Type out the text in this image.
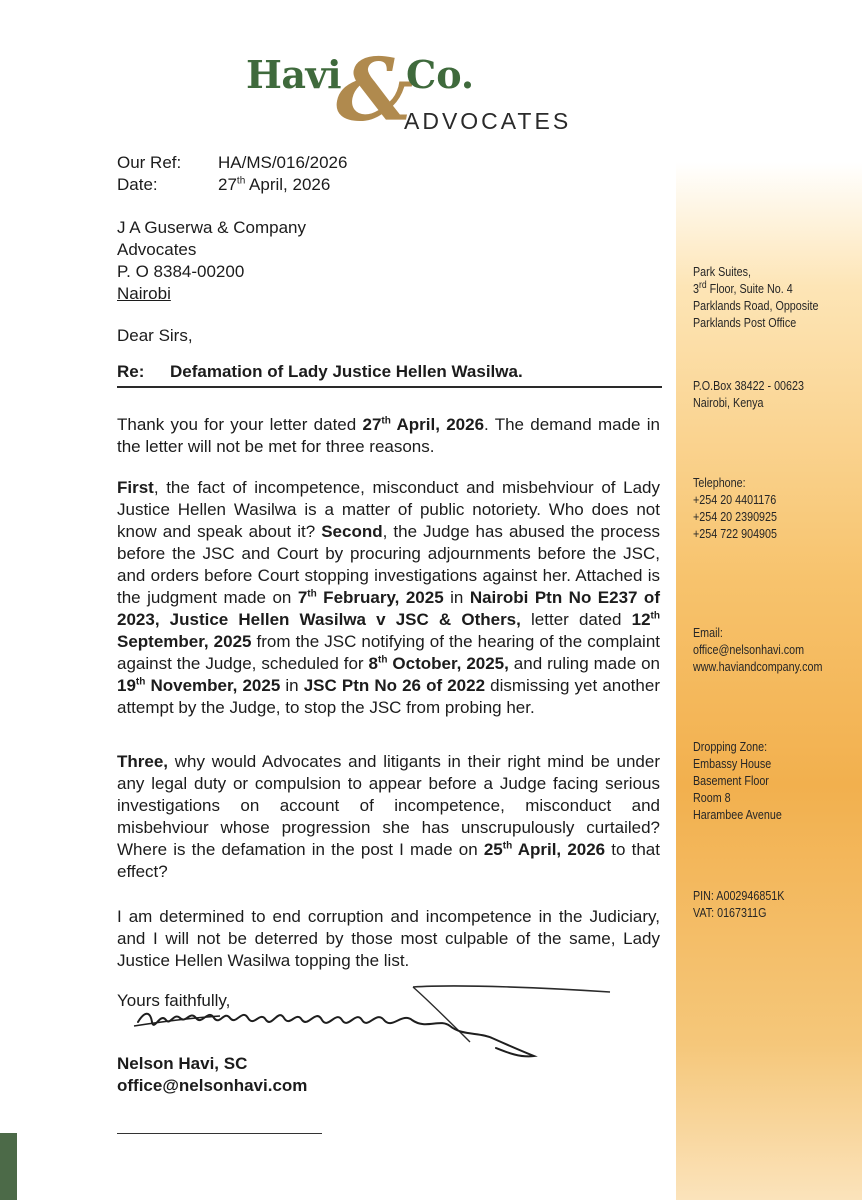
Havi
&
Co.
ADVOCATES
Park Suites,
3rd Floor, Suite No. 4
Parklands Road, Opposite
Parklands Post Office
P.O.Box 38422 - 00623
Nairobi, Kenya
Telephone:
+254 20 4401176
+254 20 2390925
+254 722 904905
Email:
office@nelsonhavi.com
www.haviandcompany.com
Dropping Zone:
Embassy House
Basement Floor
Room 8
Harambee Avenue
PIN: A002946851K
VAT: 0167311G
Our Ref: HA/MS/016/2026
Date:	27th April, 2026
J A Guserwa & Company
Advocates
P. O 8384-00200
Nairobi
Dear Sirs,
Re: Defamation of Lady Justice Hellen Wasilwa.
Thank you for your letter dated 27th April, 2026. The demand made in the letter will not be met for three reasons.
First, the fact of incompetence, misconduct and misbehviour of Lady Justice Hellen Wasilwa is a matter of public notoriety. Who does not know and speak about it? Second, the Judge has abused the process before the JSC and Court by procuring adjournments before the JSC, and orders before Court stopping investigations against her. Attached is the judgment made on 7th February, 2025 in Nairobi Ptn No E237 of 2023, Justice Hellen Wasilwa v JSC & Others, letter dated 12th September, 2025 from the JSC notifying of the hearing of the complaint against the Judge, scheduled for 8th October, 2025, and ruling made on 19th November, 2025 in JSC Ptn No 26 of 2022 dismissing yet another attempt by the Judge, to stop the JSC from probing her.
Three, why would Advocates and litigants in their right mind be under any legal duty or compulsion to appear before a Judge facing serious investigations on account of incompetence, misconduct and misbehviour whose progression she has unscrupulously curtailed? Where is the defamation in the post I made on 25th April, 2026 to that effect?
I am determined to end corruption and incompetence in the Judiciary, and I will not be deterred by those most culpable of the same, Lady Justice Hellen Wasilwa topping the list.
Yours faithfully,
Nelson Havi, SC
office@nelsonhavi.com
